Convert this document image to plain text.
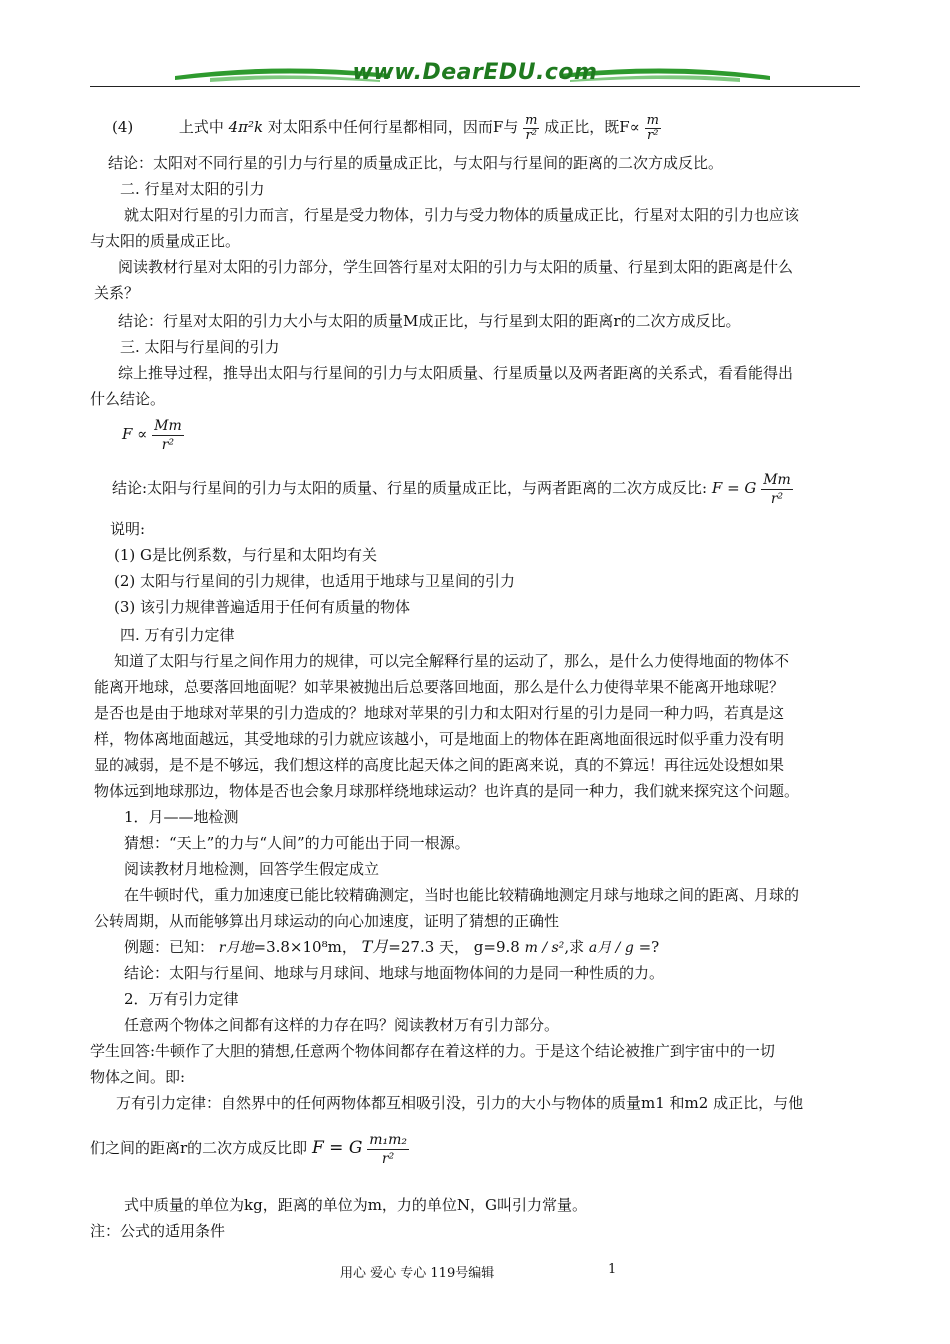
www.DearEDU.com
(4)	上式中 4π²k 对太阳系中任何行星都相同，因而F与 $\frac{m}{\text{r²}}$ 成正比，既$F\propto \frac{m}{\text{r²}}$
结论：太阳对不同行星的引力与行星的质量成正比，与太阳与行星间的距离的二次方成反比。
二. 行星对太阳的引力
就太阳对行星的引力而言，行星是受力物体，引力与受力物体的质量成正比，行星对太阳的引力也应该
与太阳的质量成正比。
阅读教材行星对太阳的引力部分，学生回答行星对太阳的引力与太阳的质量、行星到太阳的距离是什么
关系？
结论：行星对太阳的引力大小与太阳的质量M成正比，与行星到太阳的距离r的二次方成反比。
三. 太阳与行星间的引力
综上推导过程，推导出太阳与行星间的引力与太阳质量、行星质量以及两者距离的关系式，看看能得出
什么结论。
$F \propto \frac{Mm}{\text{r²}}$
结论:太阳与行星间的引力与太阳的质量、行星的质量成正比，与两者距离的二次方成反比: F = G $\frac{Mm}{\text{r²}}$
说明:
(1) G是比例系数，与行星和太阳均有关
(2) 太阳与行星间的引力规律，也适用于地球与卫星间的引力
(3) 该引力规律普遍适用于任何有质量的物体
四. 万有引力定律
知道了太阳与行星之间作用力的规律，可以完全解释行星的运动了，那么，是什么力使得地面的物体不
能离开地球，总要落回地面呢？如苹果被抛出后总要落回地面，那么是什么力使得苹果不能离开地球呢？
是否也是由于地球对苹果的引力造成的？地球对苹果的引力和太阳对行星的引力是同一种力吗，若真是这
样，物体离地面越远，其受地球的引力就应该越小，可是地面上的物体在距离地面很远时似乎重力没有明
显的减弱，是不是不够远，我们想这样的高度比起天体之间的距离来说，真的不算远！再往远处设想如果
物体远到地球那边，物体是否也会象月球那样绕地球运动？也许真的是同一种力，我们就来探究这个问题。
1．月——地检测
猜想：“天上”的力与“人间”的力可能出于同一根源。
阅读教材月地检测，回答学生假定成立
在牛顿时代，重力加速度已能比较精确测定，当时也能比较精确地测定月球与地球之间的距离、月球的
公转周期，从而能够算出月球运动的向心加速度，证明了猜想的正确性
例题：已知： r月地=3.8×10⁸m， T月=27.3 天， g=9.8 m / s²,求 a月 / g =?
结论：太阳与行星间、地球与月球间、地球与地面物体间的力是同一种性质的力。
2．万有引力定律
任意两个物体之间都有这样的力存在吗？阅读教材万有引力部分。
学生回答:牛顿作了大胆的猜想,任意两个物体间都存在着这样的力。于是这个结论被推广到宇宙中的一切
物体之间。即:
万有引力定律：自然界中的任何两物体都互相吸引没，引力的大小与物体的质量m1 和m2 成正比，与他
们之间的距离r的二次方成反比即 F = G $\frac{\text{m₁m₂}}{\text{r²}}$
式中质量的单位为kg，距离的单位为m，力的单位N，G叫引力常量。
注：公式的适用条件
用心 爱心 专心 119号编辑	1
